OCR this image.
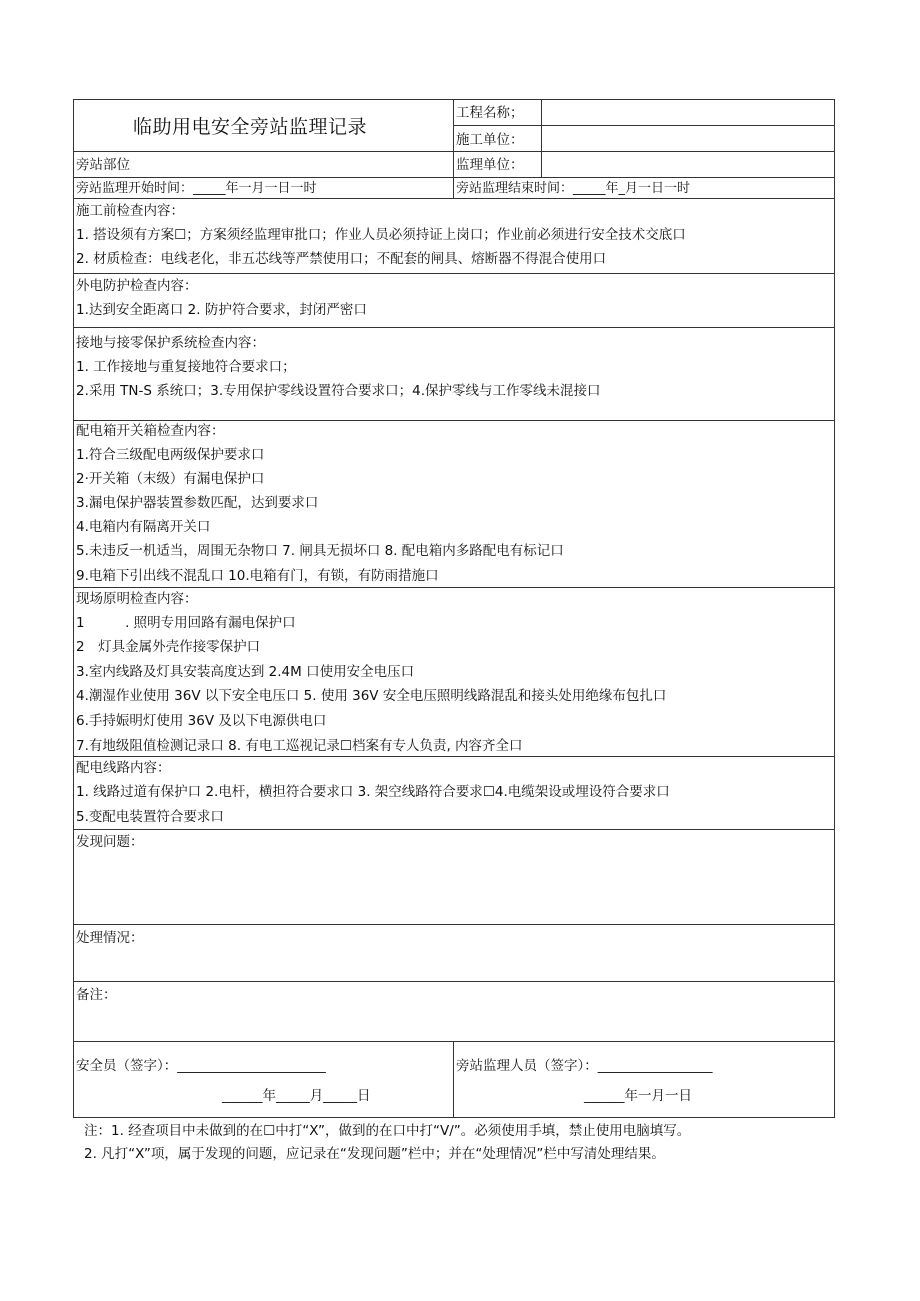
临助用电安全旁站监理记录
工程名称；
施工单位：
旁站部位	监理单位：
旁站监理开始时间：_____年一月一日一时	旁站监理结束时间：_____年_月一日一时
施工前检查内容：
1. 搭设须有方案☐；方案须经监理审批口；作业人员必须持证上岗口；作业前必须进行安全技术交底口
2. 材质检查：电线老化，非五芯线等严禁使用口；不配套的闸具、熔断器不得混合使用口
外电防护检查内容：
1.达到安全距离口 2. 防护符合要求，封闭严密口
接地与接零保护系统检查内容：
1. 工作接地与重复接地符合要求口；
2.采用 TN-S 系统口；3.专用保护零线设置符合要求口；4.保护零线与工作零线未混接口
配电箱开关箱检查内容：
1.符合三级配电两级保护要求口
2·开关箱（末级）有漏电保护口
3.漏电保护器装置参数匹配，达到要求口
4.电箱内有隔离开关口
5.未违反一机适当，周围无杂物口 7. 闸具无损坏口 8. 配电箱内多路配电有标记口
9.电箱下引出线不混乱口 10.电箱有门，有锁，有防雨措施口
现场原明检查内容：
1　　　. 照明专用回路有漏电保护口
2　灯具金属外壳作接零保护口
3.室内线路及灯具安装高度达到 2.4M 口使用安全电压口
4.潮湿作业使用 36V 以下安全电压口 5. 使用 36V 安全电压照明线路混乱和接头处用绝缘布包扎口
6.手持娠明灯使用 36V 及以下电源供电口
7.有地级阻值检测记录口 8. 有电工巡视记录☐档案有专人负责, 内容齐全口
配电线路内容：
1. 线路过道有保护口 2.电杆，横担符合要求口 3. 架空线路符合要求☐4.电缆架设或埋设符合要求口
5.变配电装置符合要求口
发现问题：
处理情况：
备注：
安全员（签字）：______________________
______年_____月_____日
旁站监理人员（签字）：_________________
______年一月一日
注：1. 经查项目中未做到的在☐中打“X”，做到的在口中打“V/”。必须使用手填，禁止使用电脑填写。
2. 凡打“X”项，属于发现的问题，应记录在“发现问题”栏中；并在“处理情况”栏中写清处理结果。
